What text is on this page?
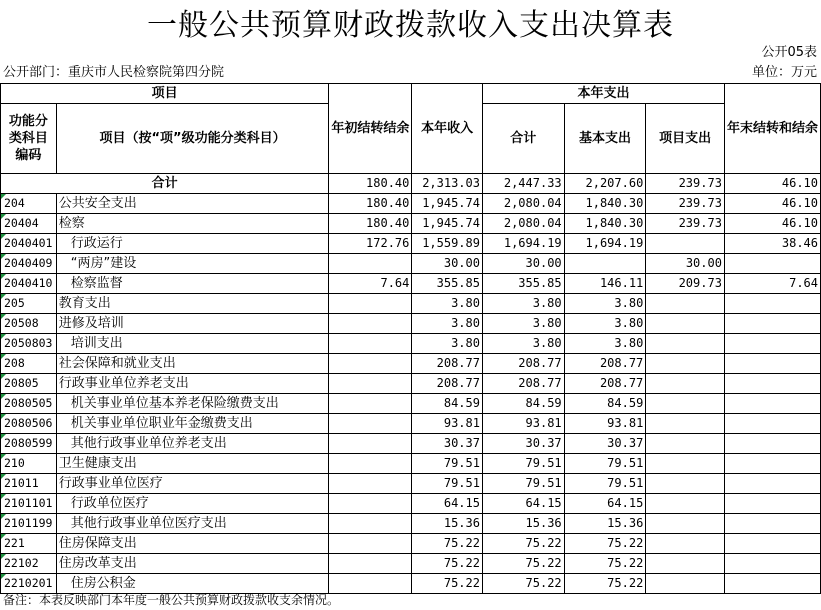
一般公共预算财政拨款收入支出决算表
公开05表
公开部门：重庆市人民检察院第四分院	单位：万元
项目		年初结转结余	本年收入	本年支出			年末结转和结余
功能分类科目编码	项目（按“项”级功能分类科目）			合计	基本支出	项目支出	
合计		180.40	2,313.03	2,447.33	2,207.60	239.73	46.10
204	公共安全支出	180.40	1,945.74	2,080.04	1,840.30	239.73	46.10
20404	检察	180.40	1,945.74	2,080.04	1,840.30	239.73	46.10
2040401	行政运行	172.76	1,559.89	1,694.19	1,694.19		38.46
2040409	“两房”建设		30.00	30.00		30.00	
2040410	检察监督	7.64	355.85	355.85	146.11	209.73	7.64
205	教育支出		3.80	3.80	3.80		
20508	进修及培训		3.80	3.80	3.80		
2050803	培训支出		3.80	3.80	3.80		
208	社会保障和就业支出		208.77	208.77	208.77		
20805	行政事业单位养老支出		208.77	208.77	208.77		
2080505	机关事业单位基本养老保险缴费支出		84.59	84.59	84.59		
2080506	机关事业单位职业年金缴费支出		93.81	93.81	93.81		
2080599	其他行政事业单位养老支出		30.37	30.37	30.37		
210	卫生健康支出		79.51	79.51	79.51		
21011	行政事业单位医疗		79.51	79.51	79.51		
2101101	行政单位医疗		64.15	64.15	64.15		
2101199	其他行政事业单位医疗支出		15.36	15.36	15.36		
221	住房保障支出		75.22	75.22	75.22		
22102	住房改革支出		75.22	75.22	75.22		
2210201	住房公积金		75.22	75.22	75.22		
备注：本表反映部门本年度一般公共预算财政拨款收支余情况。
